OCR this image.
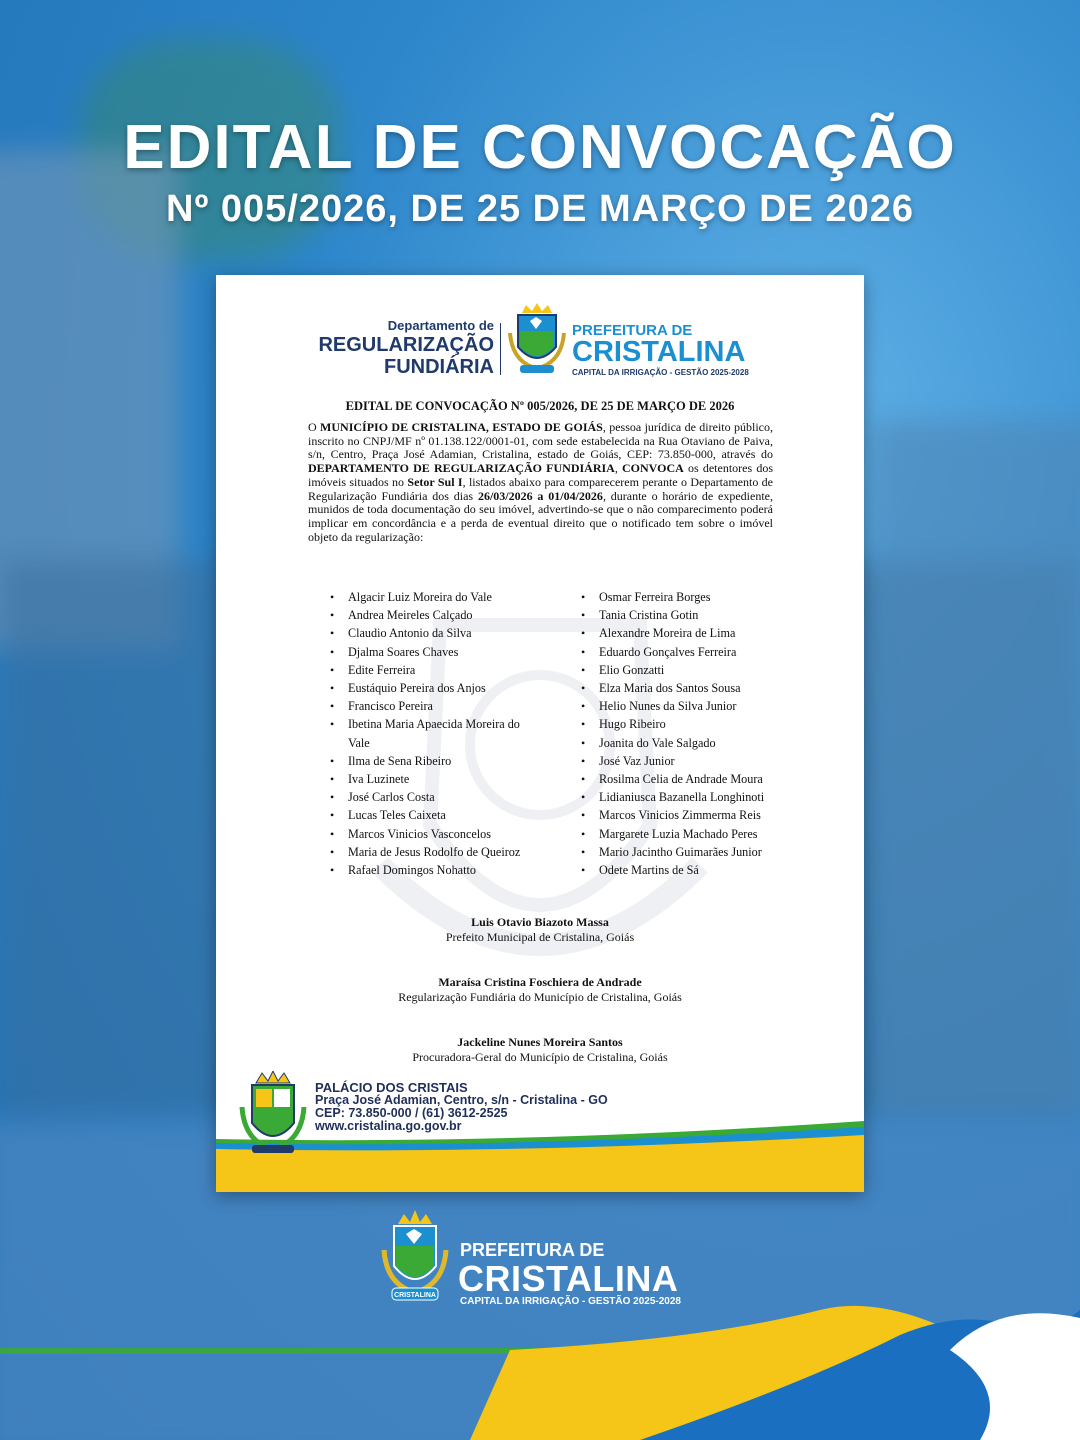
EDITAL DE CONVOCAÇÃO
Nº 005/2026, DE 25 DE MARÇO DE 2026
Departamento de
REGULARIZAÇÃO
FUNDIÁRIA
PREFEITURA DE
CRISTALINA
CAPITAL DA IRRIGAÇÃO - GESTÃO 2025-2028
EDITAL DE CONVOCAÇÃO Nº 005/2026, DE 25 DE MARÇO DE 2026
O MUNICÍPIO DE CRISTALINA, ESTADO DE GOIÁS, pessoa jurídica de direito público, inscrito no CNPJ/MF nº 01.138.122/0001-01, com sede estabelecida na Rua Otaviano de Paiva, s/n, Centro, Praça José Adamian, Cristalina, estado de Goiás, CEP: 73.850-000, através do DEPARTAMENTO DE REGULARIZAÇÃO FUNDIÁRIA, CONVOCA os detentores dos imóveis situados no Setor Sul I, listados abaixo para comparecerem perante o Departamento de Regularização Fundiária dos dias 26/03/2026 a 01/04/2026, durante o horário de expediente, munidos de toda documentação do seu imóvel, advertindo-se que o não comparecimento poderá implicar em concordância e a perda de eventual direito que o notificado tem sobre o imóvel objeto da regularização:
• Algacir Luiz Moreira do Vale
• Andrea Meireles Calçado
• Claudio Antonio da Silva
• Djalma Soares Chaves
• Edite Ferreira
• Eustáquio Pereira dos Anjos
• Francisco Pereira
• Ibetina Maria Apaecida Moreira do Vale
• Ilma de Sena Ribeiro
• Iva Luzinete
• José Carlos Costa
• Lucas Teles Caixeta
• Marcos Vinicios Vasconcelos
• Maria de Jesus Rodolfo de Queiroz
• Rafael Domingos Nohatto
• Osmar Ferreira Borges
• Tania Cristina Gotin
• Alexandre Moreira de Lima
• Eduardo Gonçalves Ferreira
• Elio Gonzatti
• Elza Maria dos Santos Sousa
• Helio Nunes da Silva Junior
• Hugo Ribeiro
• Joanita do Vale Salgado
• José Vaz Junior
• Rosilma Celia de Andrade Moura
• Lidianiusca Bazanella Longhinoti
• Marcos Vinicios Zimmerma Reis
• Margarete Luzia Machado Peres
• Mario Jacintho Guimarães Junior
• Odete Martins de Sá
Luis Otavio Biazoto Massa
Prefeito Municipal de Cristalina, Goiás
Maraísa Cristina Foschiera de Andrade
Regularização Fundiária do Município de Cristalina, Goiás
Jackeline Nunes Moreira Santos
Procuradora-Geral do Município de Cristalina, Goiás
PALÁCIO DOS CRISTAIS
Praça José Adamian, Centro, s/n - Cristalina - GO
CEP: 73.850-000 / (61) 3612-2525
www.cristalina.go.gov.br
CRISTALINA
PREFEITURA DE
CRISTALINA
CAPITAL DA IRRIGAÇÃO - GESTÃO 2025-2028
